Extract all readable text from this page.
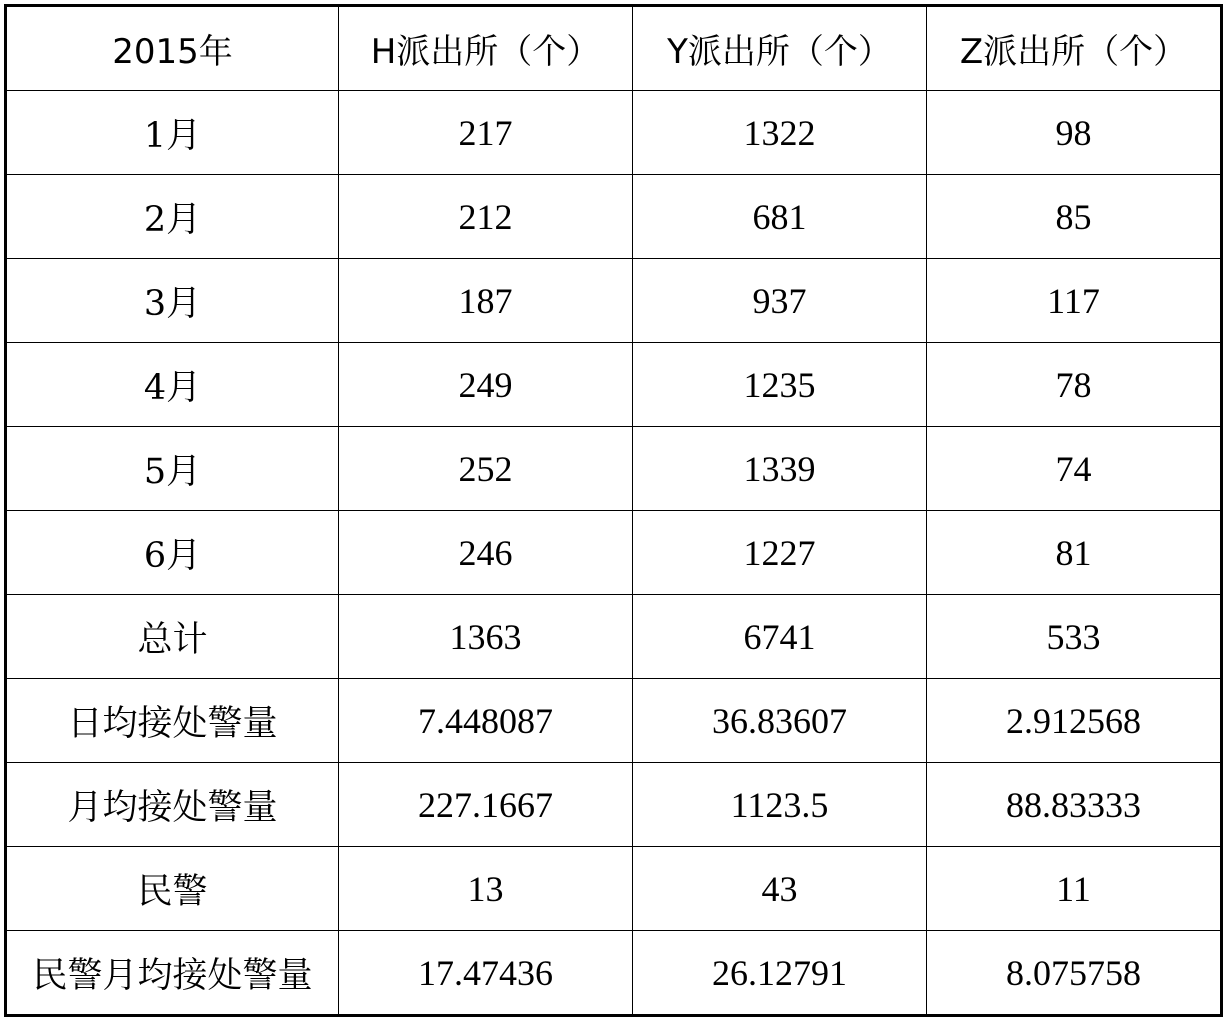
2015年	H派出所（个）	Y派出所（个）	Z派出所（个）
1月	217	1322	98
2月	212	681	85
3月	187	937	117
4月	249	1235	78
5月	252	1339	74
6月	246	1227	81
总计	1363	6741	533
日均接处警量	7.448087	36.83607	2.912568
月均接处警量	227.1667	1123.5	88.83333
民警	13	43	11
民警月均接处警量	17.47436	26.12791	8.075758
